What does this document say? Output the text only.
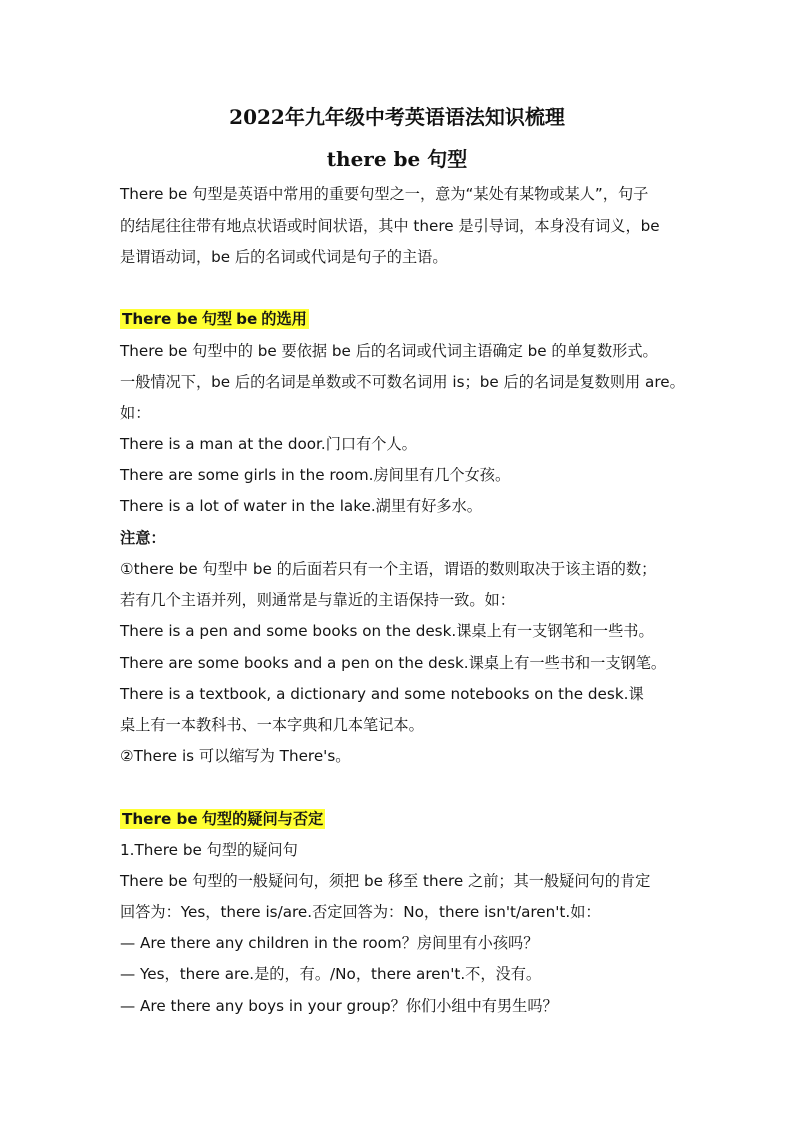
2022年九年级中考英语语法知识梳理
there be 句型
There be 句型是英语中常用的重要句型之一，意为“某处有某物或某人”，句子
的结尾往往带有地点状语或时间状语，其中 there 是引导词，本身没有词义，be
是谓语动词，be 后的名词或代词是句子的主语。
There be 句型 be 的选用
There be 句型中的 be 要依据 be 后的名词或代词主语确定 be 的单复数形式。
一般情况下，be 后的名词是单数或不可数名词用 is；be 后的名词是复数则用 are。
如：
There is a man at the door.门口有个人。
There are some girls in the room.房间里有几个女孩。
There is a lot of water in the lake.湖里有好多水。
注意：
①there be 句型中 be 的后面若只有一个主语，谓语的数则取决于该主语的数；
若有几个主语并列，则通常是与靠近的主语保持一致。如：
There is a pen and some books on the desk.课桌上有一支钢笔和一些书。
There are some books and a pen on the desk.课桌上有一些书和一支钢笔。
There is a textbook, a dictionary and some notebooks on the desk.课
桌上有一本教科书、一本字典和几本笔记本。
②There is 可以缩写为 There's。
There be 句型的疑问与否定
1.There be 句型的疑问句
There be 句型的一般疑问句，须把 be 移至 there 之前；其一般疑问句的肯定
回答为：Yes，there is/are.否定回答为：No，there isn't/aren't.如：
— Are there any children in the room？房间里有小孩吗？
— Yes，there are.是的，有。/No，there aren't.不，没有。
— Are there any boys in your group？你们小组中有男生吗？
